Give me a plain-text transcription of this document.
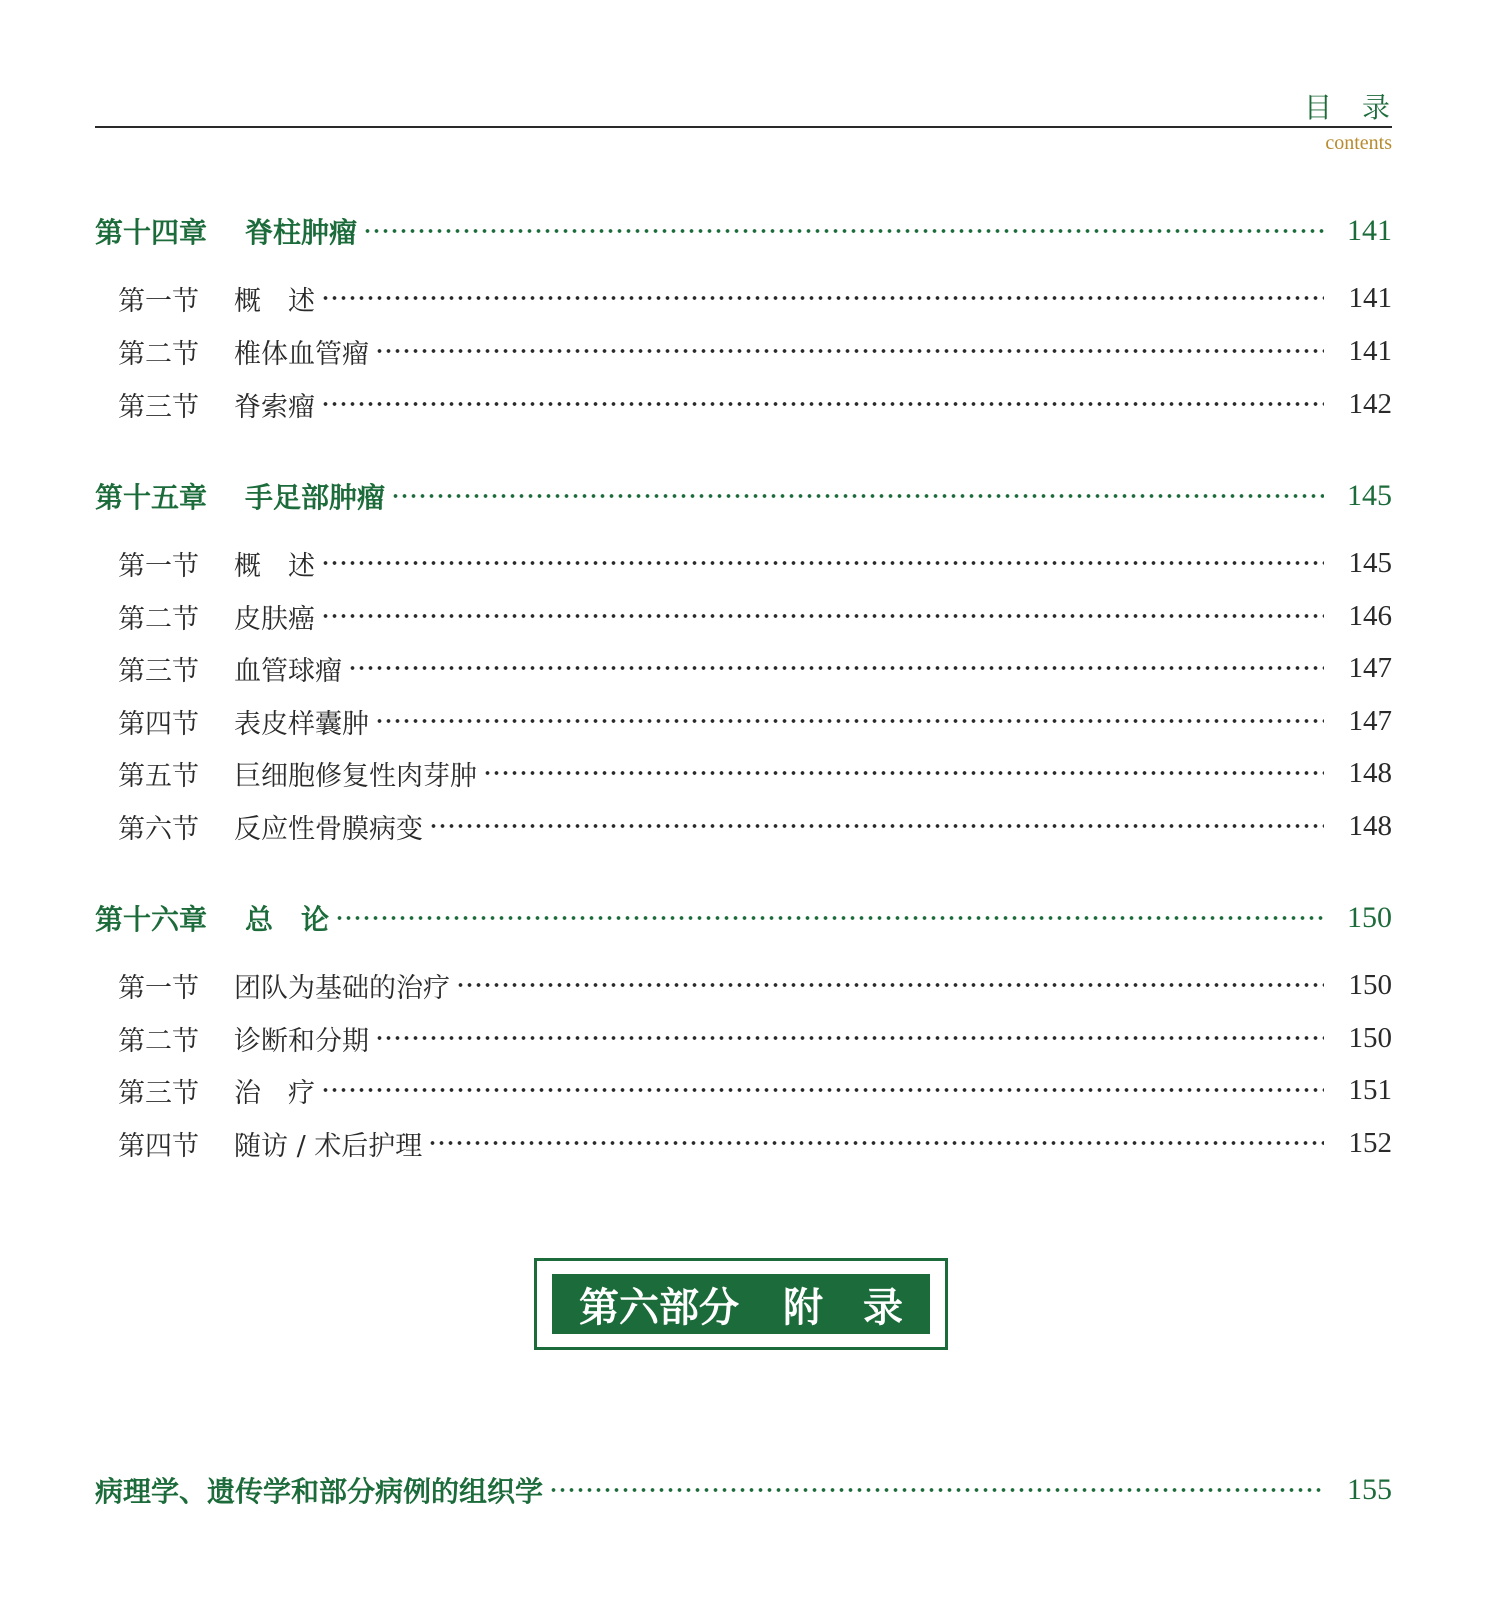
目 录
contents
第十四章	脊柱肿瘤	141
第一节	概　述	141
第二节	椎体血管瘤	141
第三节	脊索瘤	142
第十五章	手足部肿瘤	145
第一节	概　述	145
第二节	皮肤癌	146
第三节	血管球瘤	147
第四节	表皮样囊肿	147
第五节	巨细胞修复性肉芽肿	148
第六节	反应性骨膜病变	148
第十六章	总　论	150
第一节	团队为基础的治疗	150
第二节	诊断和分期	150
第三节	治　疗	151
第四节	随访 / 术后护理	152
第六部分 附 录
病理学、遗传学和部分病例的组织学	155
